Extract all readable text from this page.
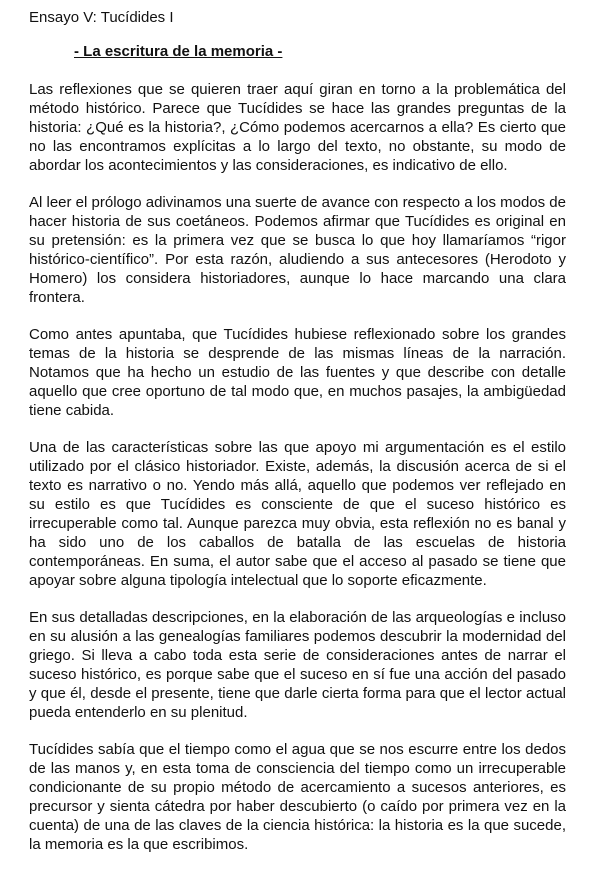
Ensayo V: Tucídides I
- La escritura de la memoria -

Las reflexiones que se quieren traer aquí giran en torno a la problemática del método histórico. Parece que Tucídides se hace las grandes preguntas de la historia: ¿Qué es la historia?, ¿Cómo podemos acercarnos a ella? Es cierto que no las encontramos explícitas a lo largo del texto, no obstante, su modo de abordar los acontecimientos y las consideraciones, es indicativo de ello.

Al leer el prólogo adivinamos una suerte de avance con respecto a los modos de hacer historia de sus coetáneos. Podemos afirmar que Tucídides es original en su pretensión: es la primera vez que se busca lo que hoy llamaríamos “rigor histórico-científico”. Por esta razón, aludiendo a sus antecesores (Herodoto y Homero) los considera historiadores, aunque lo hace marcando una clara frontera.

Como antes apuntaba, que Tucídides hubiese reflexionado sobre los grandes temas de la historia se desprende de las mismas líneas de la narración. Notamos que ha hecho un estudio de las fuentes y que describe con detalle aquello que cree oportuno de tal modo que, en muchos pasajes, la ambigüedad tiene cabida.

Una de las características sobre las que apoyo mi argumentación es el estilo utilizado por el clásico historiador. Existe, además, la discusión acerca de si el texto es narrativo o no. Yendo más allá, aquello que podemos ver reflejado en su estilo es que Tucídides es consciente de que el suceso histórico es irrecuperable como tal. Aunque parezca muy obvia, esta reflexión no es banal y ha sido uno de los caballos de batalla de las escuelas de historia contemporáneas. En suma, el autor sabe que el acceso al pasado se tiene que apoyar sobre alguna tipología intelectual que lo soporte eficazmente.

En sus detalladas descripciones, en la elaboración de las arqueologías e incluso en su alusión a las genealogías familiares podemos descubrir la modernidad del griego. Si lleva a cabo toda esta serie de consideraciones antes de narrar el suceso histórico, es porque sabe que el suceso en sí fue una acción del pasado y que él, desde el presente, tiene que darle cierta forma para que el lector actual pueda entenderlo en su plenitud.

Tucídides sabía que el tiempo como el agua que se nos escurre entre los dedos de las manos y, en esta toma de consciencia del tiempo como un irrecuperable condicionante de su propio método de acercamiento a sucesos anteriores, es precursor y sienta cátedra por haber descubierto (o caído por primera vez en la cuenta) de una de las claves de la ciencia histórica: la historia es la que sucede, la memoria es la que escribimos.
